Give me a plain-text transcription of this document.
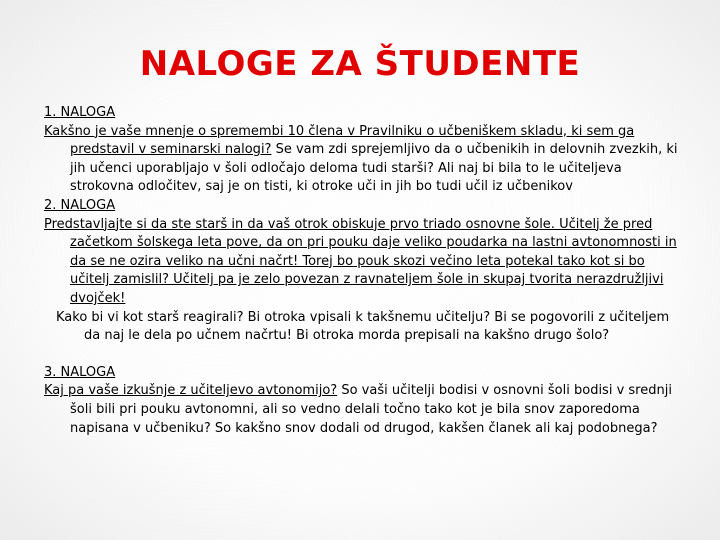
NALOGE ZA ŠTUDENTE
1. NALOGA
Kakšno je vaše mnenje o spremembi 10 člena v Pravilniku o učbeniškem skladu, ki sem ga predstavil v seminarski nalogi? Se vam zdi sprejemljivo da o učbenikih in delovnih zvezkih, ki jih učenci uporabljajo v šoli odločajo deloma tudi starši? Ali naj bi bila to le učiteljeva strokovna odločitev, saj je on tisti, ki otroke uči in jih bo tudi učil iz učbenikov
2. NALOGA
Predstavljajte si da ste starš in da vaš otrok obiskuje prvo triado osnovne šole. Učitelj že pred začetkom šolskega leta pove, da on pri pouku daje veliko poudarka na lastni avtonomnosti in da se ne ozira veliko na učni načrt! Torej bo pouk skozi večino leta potekal tako kot si bo učitelj zamislil? Učitelj pa je zelo povezan z ravnateljem šole in skupaj tvorita nerazdružljivi dvojček!
Kako bi vi kot starš reagirali? Bi otroka vpisali k takšnemu učitelju? Bi se pogovorili z učiteljem da naj le dela po učnem načrtu! Bi otroka morda prepisali na kakšno drugo šolo?
3. NALOGA
Kaj pa vaše izkušnje z učiteljevo avtonomijo? So vaši učitelji bodisi v osnovni šoli bodisi v srednji šoli bili pri pouku avtonomni, ali so vedno delali točno tako kot je bila snov zaporedoma napisana v učbeniku? So kakšno snov dodali od drugod, kakšen članek ali kaj podobnega?
